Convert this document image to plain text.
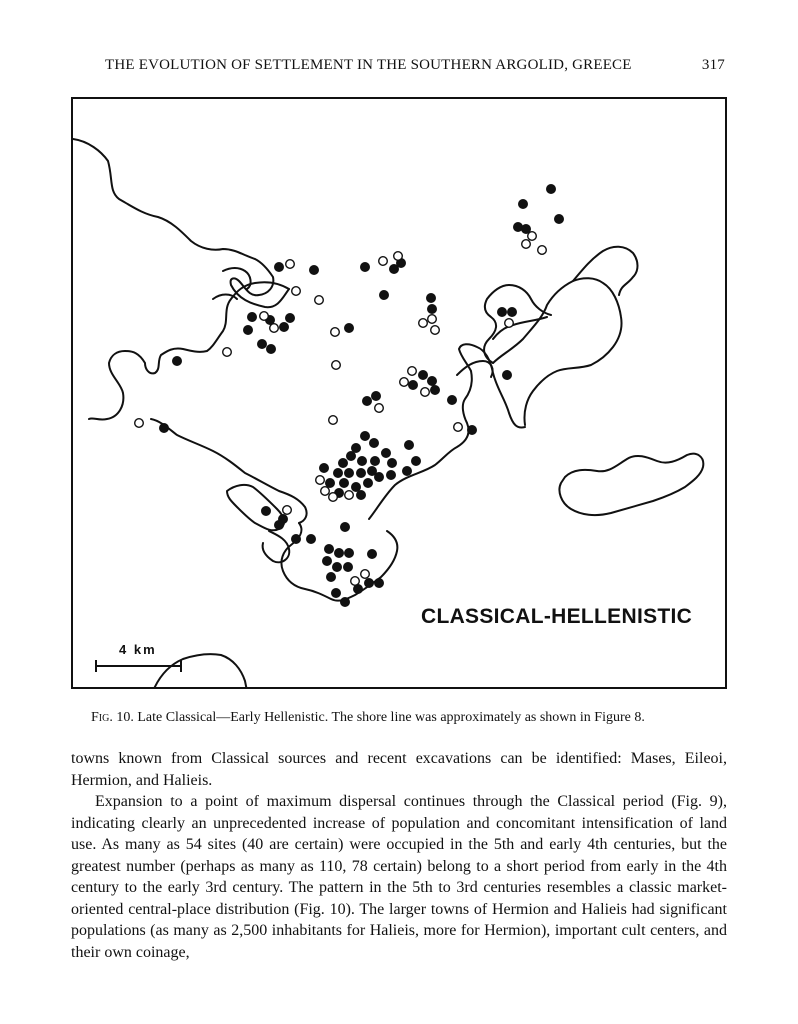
THE EVOLUTION OF SETTLEMENT IN THE SOUTHERN ARGOLID, GREECE	317
CLASSICAL-HELLENISTIC
4 km
Fig. 10. Late Classical—Early Hellenistic. The shore line was approximately as shown in Figure 8.

towns known from Classical sources and recent excavations can be identified: Mases, Eileoi, Hermion, and Halieis.

Expansion to a point of maximum dispersal continues through the Classical period (Fig. 9), indicating clearly an unprecedented increase of population and concomitant intensification of land use. As many as 54 sites (40 are certain) were occupied in the 5th and early 4th centuries, but the greatest number (perhaps as many as 110, 78 certain) belong to a short period from early in the 4th century to the early 3rd century. The pattern in the 5th to 3rd centuries resembles a classic market-oriented central-place distribution (Fig. 10). The larger towns of Hermion and Halieis had significant populations (as many as 2,500 inhabitants for Halieis, more for Hermion), important cult centers, and their own coinage,
